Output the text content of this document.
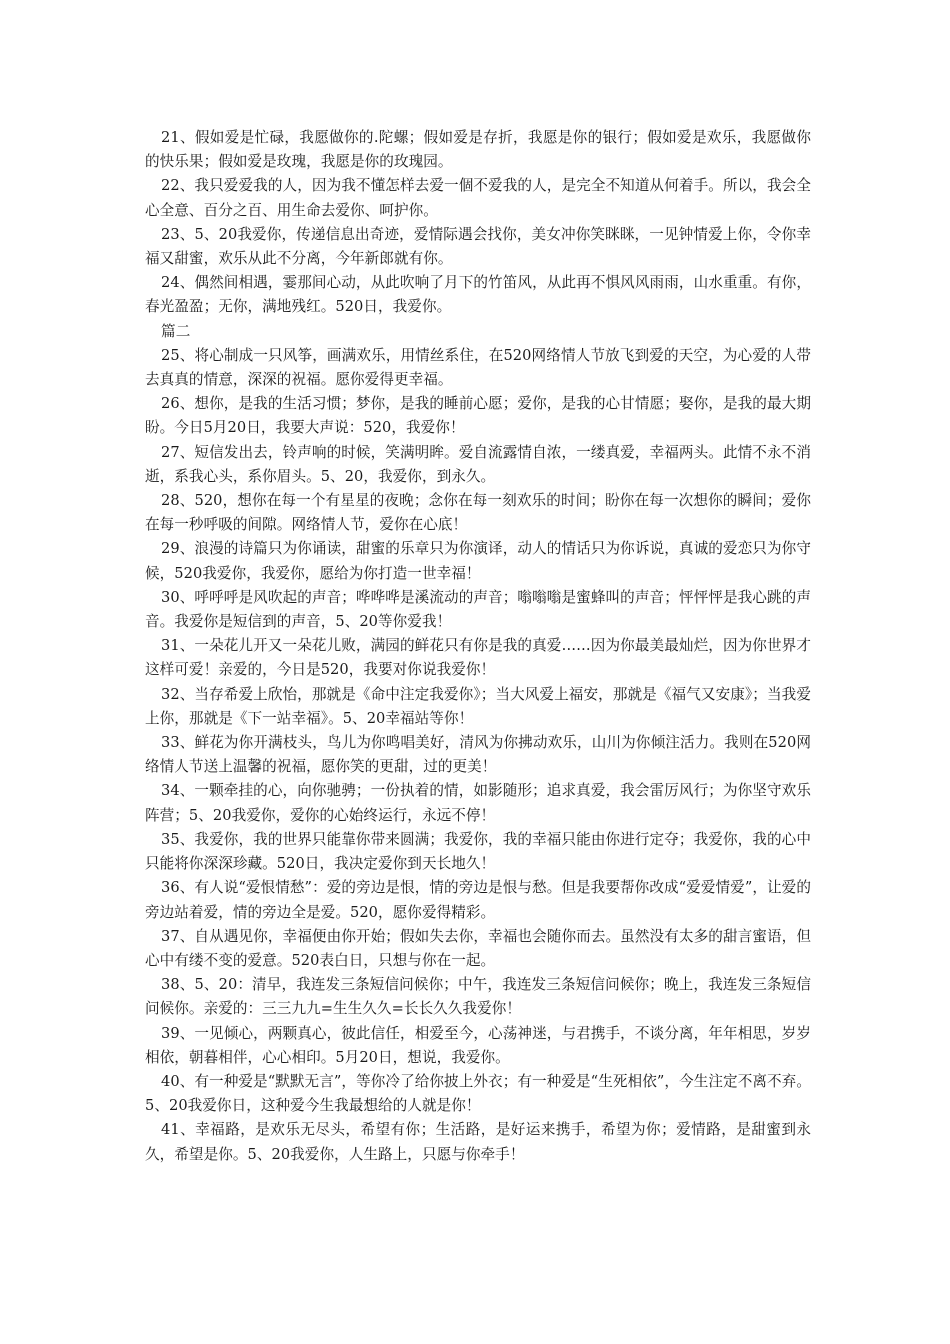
21、假如爱是忙碌，我愿做你的.陀螺；假如爱是存折，我愿是你的银行；假如爱是欢乐，我愿做你的快乐果；假如爱是玫瑰，我愿是你的玫瑰园。

22、我只爱爱我的人，因为我不懂怎样去爱一個不爱我的人，是完全不知道从何着手。所以，我会全心全意、百分之百、用生命去爱你、呵护你。

23、5、20我爱你，传递信息出奇迹，爱情际遇会找你，美女冲你笑眯眯，一见钟情爱上你，令你幸福又甜蜜，欢乐从此不分离，今年新郎就有你。

24、偶然间相遇，霎那间心动，从此吹响了月下的竹笛风，从此再不惧风风雨雨，山水重重。有你，春光盈盈；无你，满地残红。520日，我爱你。

篇二

25、将心制成一只风筝，画满欢乐，用情丝系住，在520网络情人节放飞到爱的天空，为心爱的人带去真真的情意，深深的祝福。愿你爱得更幸福。

26、想你，是我的生活习惯；梦你，是我的睡前心愿；爱你，是我的心甘情愿；娶你，是我的最大期盼。今日5月20日，我要大声说：520，我爱你！

27、短信发出去，铃声响的时候，笑满明眸。爱自流露情自浓，一缕真爱，幸福两头。此情不永不消逝，系我心头，系你眉头。5、20，我爱你，到永久。

28、520，想你在每一个有星星的夜晚；念你在每一刻欢乐的时间；盼你在每一次想你的瞬间；爱你在每一秒呼吸的间隙。网络情人节，爱你在心底！

29、浪漫的诗篇只为你诵读，甜蜜的乐章只为你演译，动人的情话只为你诉说，真诚的爱恋只为你守候，520我爱你，我爱你，愿给为你打造一世幸福！

30、呼呼呼是风吹起的声音；哗哗哗是溪流动的声音；嗡嗡嗡是蜜蜂叫的声音；怦怦怦是我心跳的声音。我爱你是短信到的声音，5、20等你爱我！

31、一朵花儿开又一朵花儿败，满园的鲜花只有你是我的真爱……因为你最美最灿烂，因为你世界才这样可爱！亲爱的，今日是520，我要对你说我爱你！

32、当存希爱上欣怡，那就是《命中注定我爱你》；当大风爱上福安，那就是《福气又安康》；当我爱上你，那就是《下一站幸福》。5、20幸福站等你！

33、鲜花为你开满枝头，鸟儿为你鸣唱美好，清风为你拂动欢乐，山川为你倾注活力。我则在520网络情人节送上温馨的祝福，愿你笑的更甜，过的更美！

34、一颗牵挂的心，向你驰骋；一份执着的情，如影随形；追求真爱，我会雷厉风行；为你坚守欢乐阵营；5、20我爱你，爱你的心始终运行，永远不停！

35、我爱你，我的世界只能靠你带来圆满；我爱你，我的幸福只能由你进行定夺；我爱你，我的心中只能将你深深珍藏。520日，我决定爱你到天长地久！

36、有人说“爱恨情愁”：爱的旁边是恨，情的旁边是恨与愁。但是我要帮你改成“爱爱情爱”，让爱的旁边站着爱，情的旁边全是爱。520，愿你爱得精彩。

37、自从遇见你，幸福便由你开始；假如失去你，幸福也会随你而去。虽然没有太多的甜言蜜语，但心中有缕不变的爱意。520表白日，只想与你在一起。

38、5、20：清早，我连发三条短信问候你；中午，我连发三条短信问候你；晚上，我连发三条短信问候你。亲爱的：三三九九=生生久久=长长久久我爱你！

39、一见倾心，两颗真心，彼此信任，相爱至今，心荡神迷，与君携手，不谈分离，年年相思，岁岁相依，朝暮相伴，心心相印。5月20日，想说，我爱你。

40、有一种爱是“默默无言”，等你冷了给你披上外衣；有一种爱是“生死相依”，今生注定不离不弃。5、20我爱你日，这种爱今生我最想给的人就是你！

41、幸福路，是欢乐无尽头，希望有你；生活路，是好运来携手，希望为你；爱情路，是甜蜜到永久，希望是你。5、20我爱你，人生路上，只愿与你牵手！
